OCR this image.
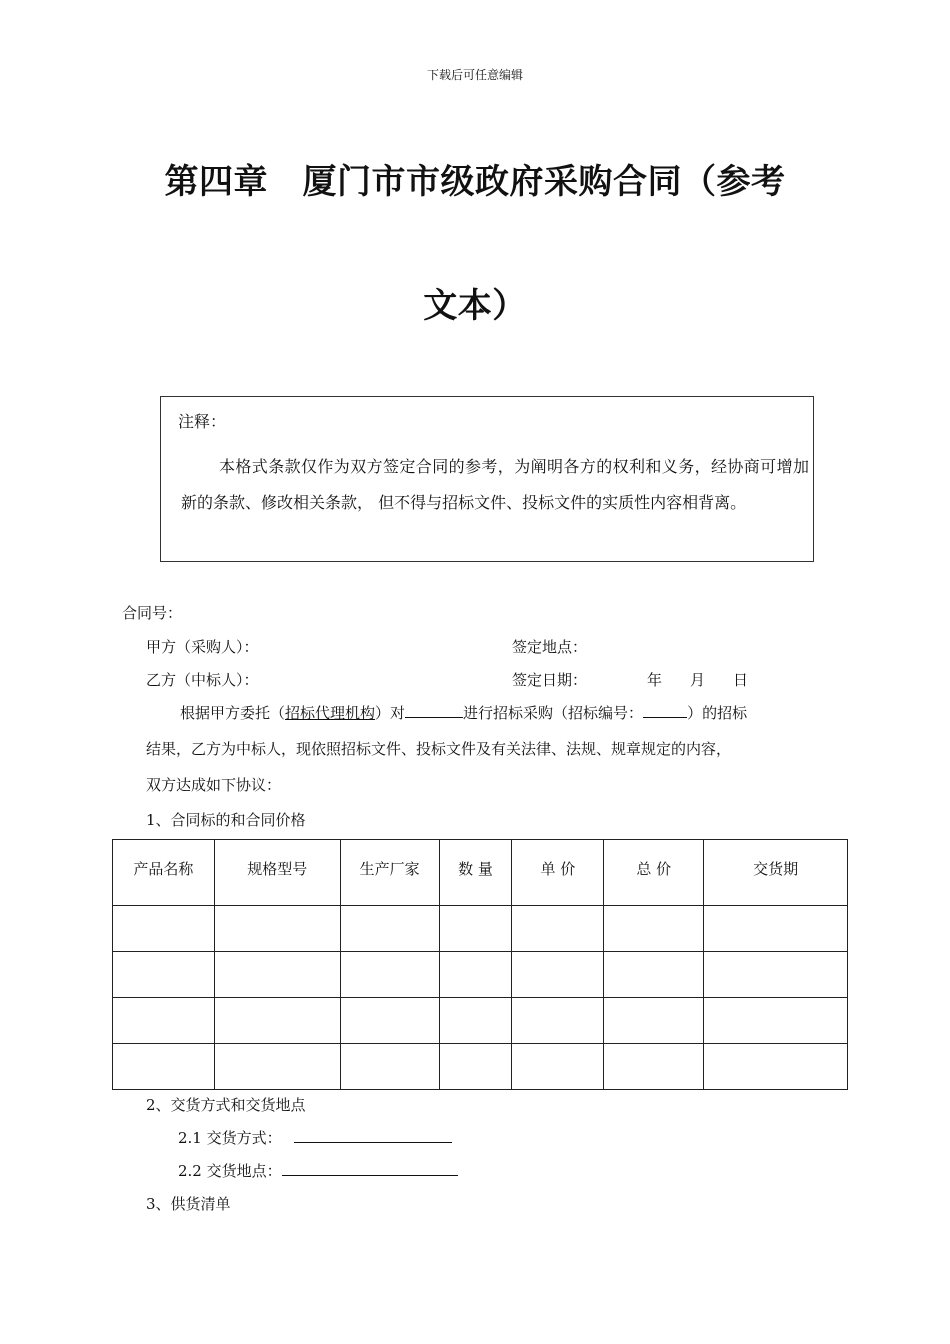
下载后可任意编辑
第四章　厦门市市级政府采购合同（参考
文本）
注释：
本格式条款仅作为双方签定合同的参考，为阐明各方的权利和义务，经协商可增加新的条款、修改相关条款， 但不得与招标文件、投标文件的实质性内容相背离。
合同号：
甲方（采购人）：	签定地点：
乙方（中标人）：	签定日期：	年 月 日
根据甲方委托（招标代理机构）对	进行招标采购（招标编号：	）的招标
结果，乙方为中标人，现依照招标文件、投标文件及有关法律、法规、规章规定的内容，
双方达成如下协议：
1、合同标的和合同价格
产品名称	规格型号	生产厂家	数 量	单 价	总 价	交货期

2、交货方式和交货地点
2.1 交货方式：
2.2 交货地点：
3、供货清单
